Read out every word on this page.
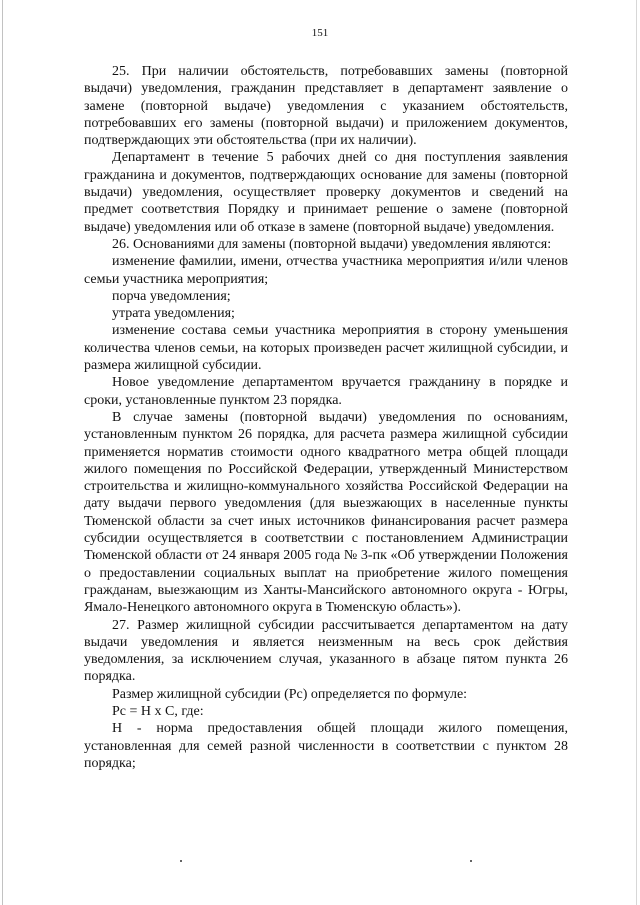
151

25. При наличии обстоятельств, потребовавших замены (повторной выдачи) уведомления, гражданин представляет в департамент заявление о замене (повторной выдаче) уведомления с указанием обстоятельств, потребовавших его замены (повторной выдачи) и приложением документов, подтверждающих эти обстоятельства (при их наличии).

Департамент в течение 5 рабочих дней со дня поступления заявления гражданина и документов, подтверждающих основание для замены (повторной выдачи) уведомления, осуществляет проверку документов и сведений на предмет соответствия Порядку и принимает решение о замене (повторной выдаче) уведомления или об отказе в замене (повторной выдаче) уведомления.

26. Основаниями для замены (повторной выдачи) уведомления являются:

изменение фамилии, имени, отчества участника мероприятия и/или членов семьи участника мероприятия;

порча уведомления;

утрата уведомления;

изменение состава семьи участника мероприятия в сторону уменьшения количества членов семьи, на которых произведен расчет жилищной субсидии, и размера жилищной субсидии.

Новое уведомление департаментом вручается гражданину в порядке и сроки, установленные пунктом 23 порядка.

В случае замены (повторной выдачи) уведомления по основаниям, установленным пунктом 26 порядка, для расчета размера жилищной субсидии применяется норматив стоимости одного квадратного метра общей площади жилого помещения по Российской Федерации, утвержденный Министерством строительства и жилищно-коммунального хозяйства Российской Федерации на дату выдачи первого уведомления (для выезжающих в населенные пункты Тюменской области за счет иных источников финансирования расчет размера субсидии осуществляется в соответствии с постановлением Администрации Тюменской области от 24 января 2005 года № 3-пк «Об утверждении Положения о предоставлении социальных выплат на приобретение жилого помещения гражданам, выезжающим из Ханты-Мансийского автономного округа - Югры, Ямало-Ненецкого автономного округа в Тюменскую область»).

27. Размер жилищной субсидии рассчитывается департаментом на дату выдачи уведомления и является неизменным на весь срок действия уведомления, за исключением случая, указанного в абзаце пятом пункта 26 порядка.

Размер жилищной субсидии (Рс) определяется по формуле:

Рс = Н х С, где:

Н - норма предоставления общей площади жилого помещения, установленная для семей разной численности в соответствии с пунктом 28 порядка;
